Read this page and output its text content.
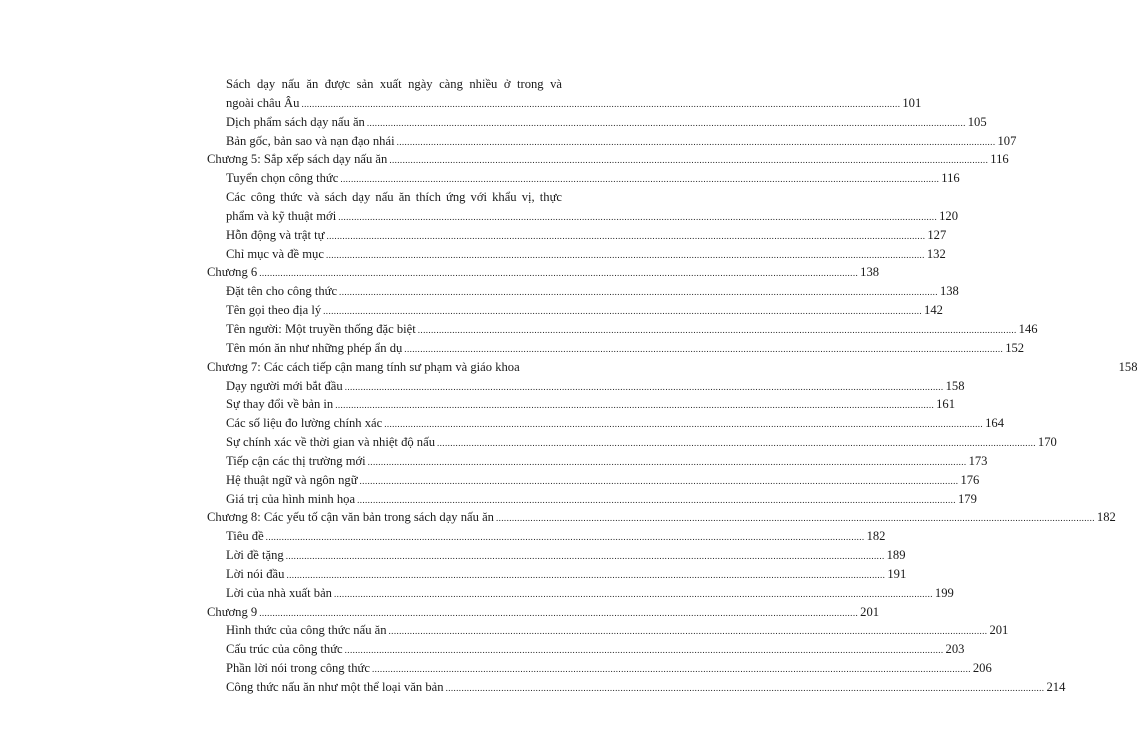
Sách dạy nấu ăn được sản xuất ngày càng nhiều ở trong và
ngoài châu Âu .....	101
Dịch phẩm sách dạy nấu ăn .....	105
Bản gốc, bản sao và nạn đạo nhái .....	107
Chương 5: Sắp xếp sách dạy nấu ăn .....	116
Tuyển chọn công thức .....	116
Các công thức và sách dạy nấu ăn thích ứng với khẩu vị, thực
phẩm và kỹ thuật mới .....	120
Hỗn động và trật tự .....	127
Chỉ mục và đề mục .....	132
Chương 6 .....	138
Đặt tên cho công thức .....	138
Tên gọi theo địa lý .....	142
Tên người: Một truyền thống đặc biệt .....	146
Tên món ăn như những phép ẩn dụ .....	152
Chương 7: Các cách tiếp cận mang tính sư phạm và giáo khoa	158
Dạy người mới bắt đầu .....	158
Sự thay đổi về bản in .....	161
Các số liệu đo lường chính xác .....	164
Sự chính xác về thời gian và nhiệt độ nấu .....	170
Tiếp cận các thị trường mới .....	173
Hệ thuật ngữ và ngôn ngữ .....	176
Giá trị của hình minh họa .....	179
Chương 8: Các yếu tố cận văn bản trong sách dạy nấu ăn .....	182
Tiêu đề .....	182
Lời đề tặng .....	189
Lời nói đầu .....	191
Lời của nhà xuất bản .....	199
Chương 9 .....	201
Hình thức của công thức nấu ăn .....	201
Cấu trúc của công thức .....	203
Phần lời nói trong công thức .....	206
Công thức nấu ăn như một thể loại văn bản .....	214
